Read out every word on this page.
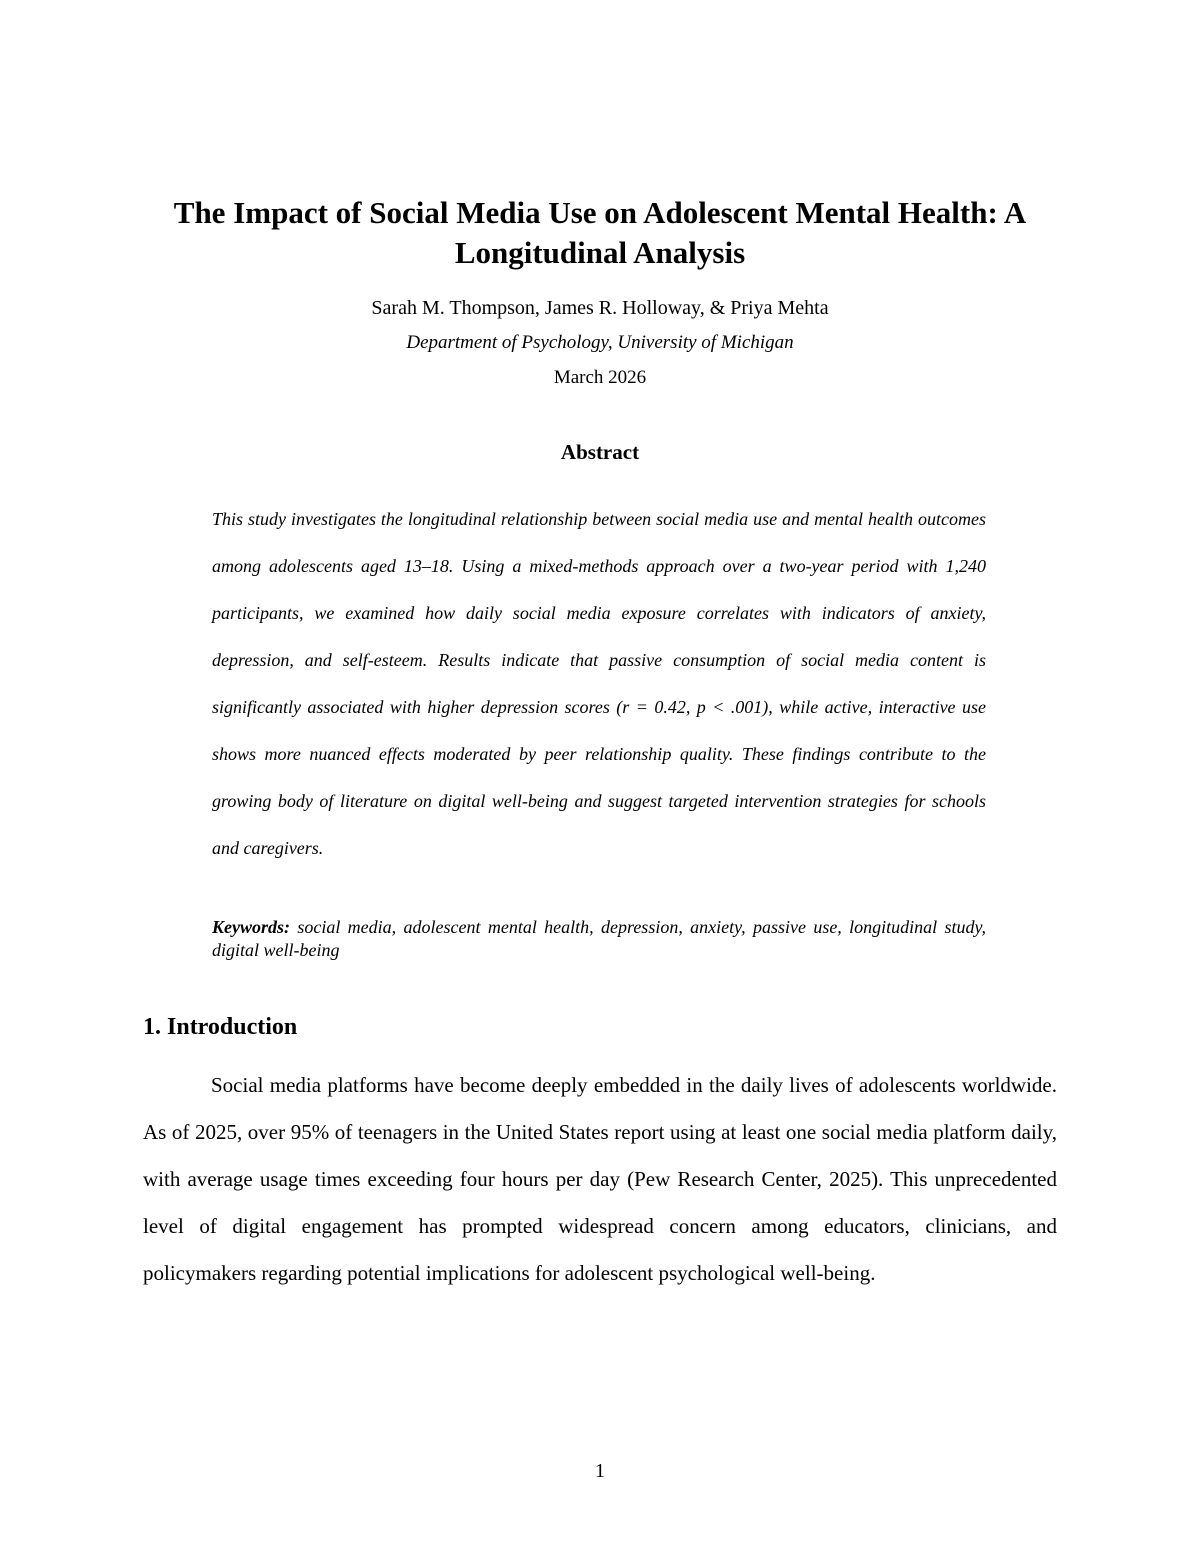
The Impact of Social Media Use on Adolescent Mental Health: A Longitudinal Analysis
Sarah M. Thompson, James R. Holloway, & Priya Mehta
Department of Psychology, University of Michigan
March 2026
Abstract

This study investigates the longitudinal relationship between social media use and mental health outcomes among adolescents aged 13–18. Using a mixed-methods approach over a two-year period with 1,240 participants, we examined how daily social media exposure correlates with indicators of anxiety, depression, and self-esteem. Results indicate that passive consumption of social media content is significantly associated with higher depression scores (r = 0.42, p < .001), while active, interactive use shows more nuanced effects moderated by peer relationship quality. These findings contribute to the growing body of literature on digital well-being and suggest targeted intervention strategies for schools and caregivers.

Keywords: social media, adolescent mental health, depression, anxiety, passive use, longitudinal study, digital well-being

1. Introduction

Social media platforms have become deeply embedded in the daily lives of adolescents worldwide. As of 2025, over 95% of teenagers in the United States report using at least one social media platform daily, with average usage times exceeding four hours per day (Pew Research Center, 2025). This unprecedented level of digital engagement has prompted widespread concern among educators, clinicians, and policymakers regarding potential implications for adolescent psychological well-being.

1
